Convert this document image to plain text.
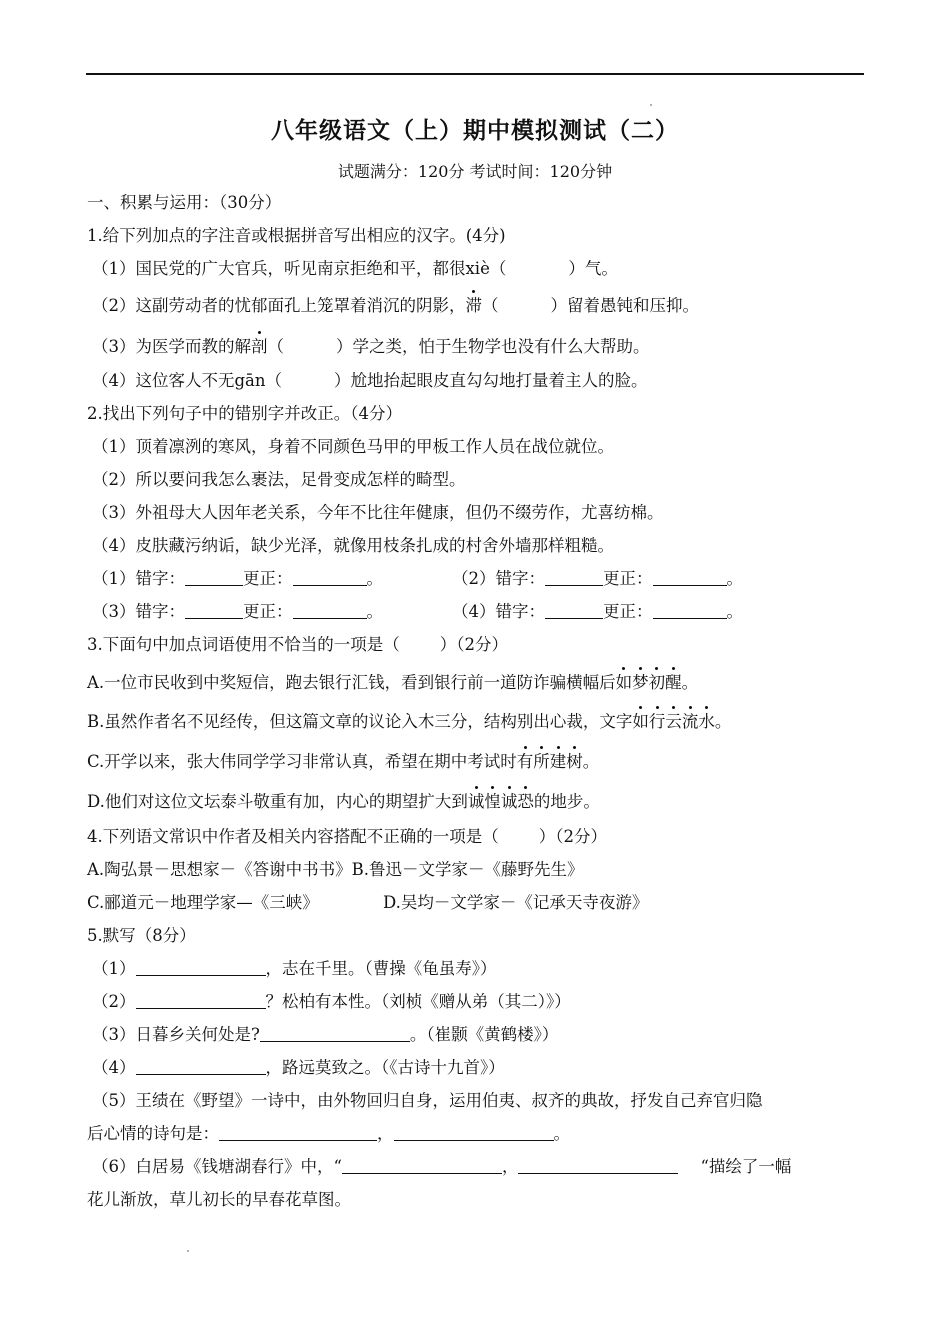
八年级语文（上）期中模拟测试（二）
试题满分：120分 考试时间：120分钟
一、积累与运用：（30分）
1.给下列加点的字注音或根据拼音写出相应的汉字。(4分)
（1）国民党的广大官兵，听见南京拒绝和平，都很xiè（	）气。
（2）这副劳动者的忧郁面孔上笼罩着消沉的阴影，滞（	）留着愚钝和压抑。
（3）为医学而教的解剖（	）学之类，怕于生物学也没有什么大帮助。
（4）这位客人不无gān（	）尬地抬起眼皮直勾勾地打量着主人的脸。
2.找出下列句子中的错别字并改正。（4分）
（1）顶着凛洌的寒风，身着不同颜色马甲的甲板工作人员在战位就位。
（2）所以要问我怎么裹法，足骨变成怎样的畸型。
（3）外祖母大人因年老关系，今年不比往年健康，但仍不缀劳作，尤喜纺棉。
（4）皮肤藏污纳诟，缺少光泽，就像用枝条扎成的村舍外墙那样粗糙。
（1）错字：	更正：	。	（2）错字：	更正：	。
（3）错字：	更正：	。	（4）错字：	更正：	。
3.下面句中加点词语使用不恰当的一项是（ ）（2分）
A.一位市民收到中奖短信，跑去银行汇钱，看到银行前一道防诈骗横幅后如梦初醒。
B.虽然作者名不见经传，但这篇文章的议论入木三分，结构别出心裁，文字如行云流水。
C.开学以来，张大伟同学学习非常认真，希望在期中考试时有所建树。
D.他们对这位文坛泰斗敬重有加，内心的期望扩大到诚惶诚恐的地步。
4.下列语文常识中作者及相关内容搭配不正确的一项是（ ）（2分）
A.陶弘景－思想家－《答谢中书书》B.鲁迅－文学家－《藤野先生》
C.郦道元－地理学家—《三峡》	D.吴均－文学家－《记承天寺夜游》
5.默写（8分）
（1）	，志在千里。（曹操《龟虽寿》）
（2）	？松柏有本性。（刘桢《赠从弟（其二）》）
（3）日暮乡关何处是?	。（崔颢《黄鹤楼》）
（4）	，路远莫致之。（《古诗十九首》）
（5）王绩在《野望》一诗中，由外物回归自身，运用伯夷、叔齐的典故，抒发自己弃官归隐
后心情的诗句是：	，	。
（6）白居易《钱塘湖春行》中，“	，	“描绘了一幅
花儿渐放，草儿初长的早春花草图。
